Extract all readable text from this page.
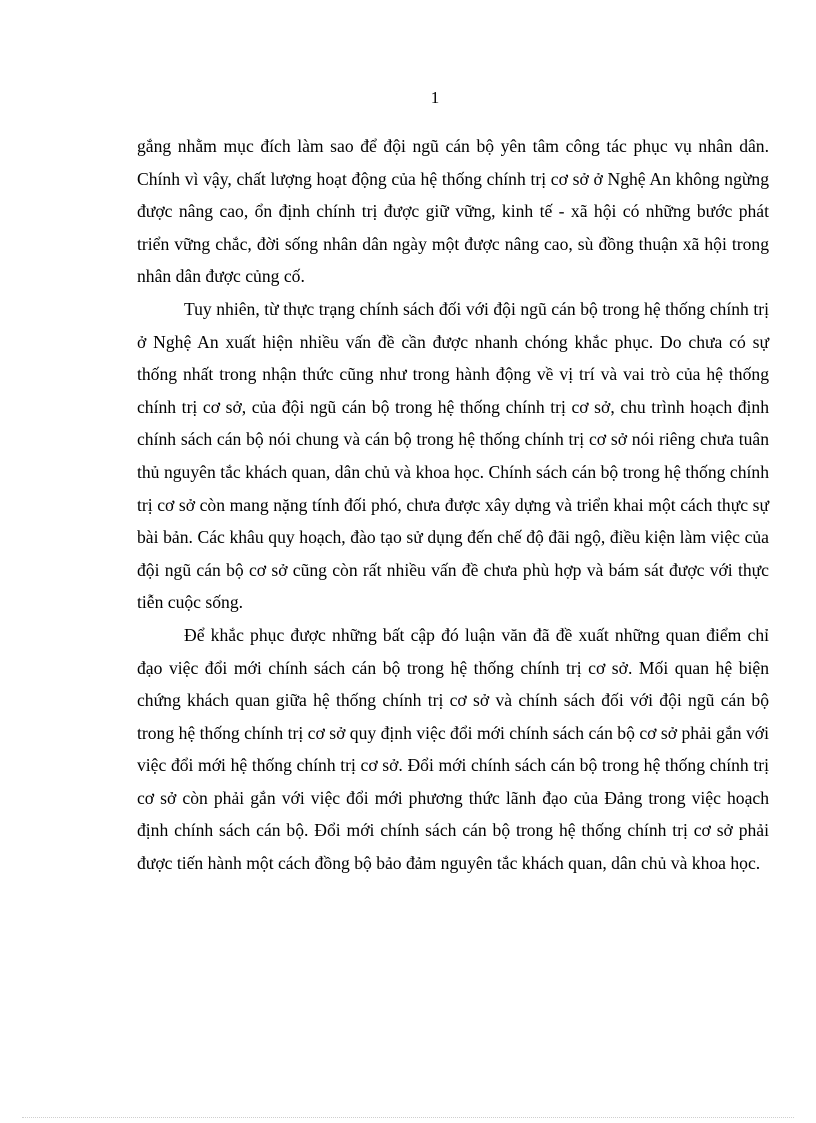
1

gắng nhằm mục đích làm sao để đội ngũ cán bộ yên tâm công tác phục vụ nhân dân. Chính vì vậy, chất lượng hoạt động của hệ thống chính trị cơ sở ở Nghệ An không ngừng được nâng cao, ổn định chính trị được giữ vững, kinh tế - xã hội có những bước phát triển vững chắc, đời sống nhân dân ngày một được nâng cao, sù đồng thuận xã hội trong nhân dân được củng cố.

Tuy nhiên, từ thực trạng chính sách đối với đội ngũ cán bộ trong hệ thống chính trị ở Nghệ An xuất hiện nhiều vấn đề cần được nhanh chóng khắc phục. Do chưa có sự thống nhất trong nhận thức cũng như trong hành động về vị trí và vai trò của hệ thống chính trị cơ sở, của đội ngũ cán bộ trong hệ thống chính trị cơ sở, chu trình hoạch định chính sách cán bộ nói chung và cán bộ trong hệ thống chính trị cơ sở nói riêng chưa tuân thủ nguyên tắc khách quan, dân chủ và khoa học. Chính sách cán bộ trong hệ thống chính trị cơ sở còn mang nặng tính đối phó, chưa được xây dựng và triển khai một cách thực sự bài bản. Các khâu quy hoạch, đào tạo sử dụng đến chế độ đãi ngộ, điều kiện làm việc của đội ngũ cán bộ cơ sở cũng còn rất nhiều vấn đề chưa phù hợp và bám sát được với thực tiễn cuộc sống.

Để khắc phục được những bất cập đó luận văn đã đề xuất những quan điểm chỉ đạo việc đổi mới chính sách cán bộ trong hệ thống chính trị cơ sở. Mối quan hệ biện chứng khách quan giữa hệ thống chính trị cơ sở và chính sách đối với đội ngũ cán bộ trong hệ thống chính trị cơ sở quy định việc đổi mới chính sách cán bộ cơ sở phải gắn với việc đổi mới hệ thống chính trị cơ sở. Đổi mới chính sách cán bộ trong hệ thống chính trị cơ sở còn phải gắn với việc đổi mới phương thức lãnh đạo của Đảng trong việc hoạch định chính sách cán bộ. Đổi mới chính sách cán bộ trong hệ thống chính trị cơ sở phải được tiến hành một cách đồng bộ bảo đảm nguyên tắc khách quan, dân chủ và khoa học.
